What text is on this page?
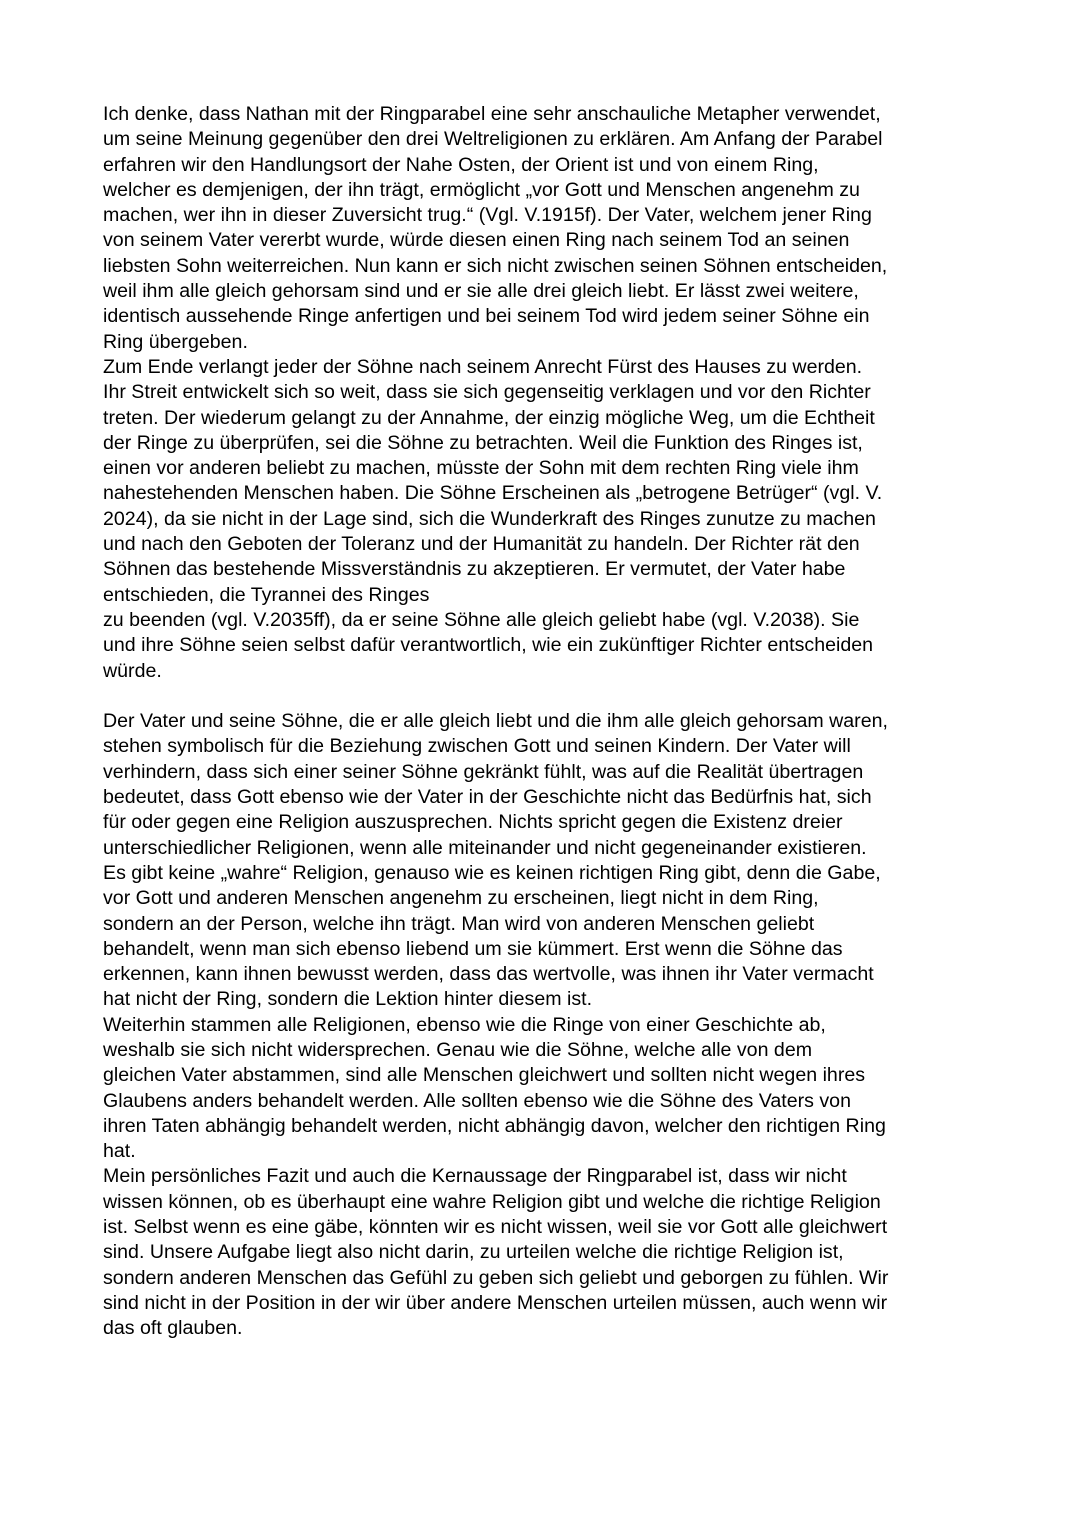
Ich denke, dass Nathan mit der Ringparabel eine sehr anschauliche Metapher verwendet,
um seine Meinung gegenüber den drei Weltreligionen zu erklären. Am Anfang der Parabel
erfahren wir den Handlungsort der Nahe Osten, der Orient ist und von einem Ring,
welcher es demjenigen, der ihn trägt, ermöglicht „vor Gott und Menschen angenehm zu
machen, wer ihn in dieser Zuversicht trug.“ (Vgl. V.1915f). Der Vater, welchem jener Ring
von seinem Vater vererbt wurde, würde diesen einen Ring nach seinem Tod an seinen
liebsten Sohn weiterreichen. Nun kann er sich nicht zwischen seinen Söhnen entscheiden,
weil ihm alle gleich gehorsam sind und er sie alle drei gleich liebt. Er lässt zwei weitere,
identisch aussehende Ringe anfertigen und bei seinem Tod wird jedem seiner Söhne ein
Ring übergeben.
Zum Ende verlangt jeder der Söhne nach seinem Anrecht Fürst des Hauses zu werden.
Ihr Streit entwickelt sich so weit, dass sie sich gegenseitig verklagen und vor den Richter
treten. Der wiederum gelangt zu der Annahme, der einzig mögliche Weg, um die Echtheit
der Ringe zu überprüfen, sei die Söhne zu betrachten. Weil die Funktion des Ringes ist,
einen vor anderen beliebt zu machen, müsste der Sohn mit dem rechten Ring viele ihm
nahestehenden Menschen haben. Die Söhne Erscheinen als „betrogene Betrüger“ (vgl. V.
2024), da sie nicht in der Lage sind, sich die Wunderkraft des Ringes zunutze zu machen
und nach den Geboten der Toleranz und der Humanität zu handeln. Der Richter rät den
Söhnen das bestehende Missverständnis zu akzeptieren. Er vermutet, der Vater habe
entschieden, die Tyrannei des Ringes
zu beenden (vgl. V.2035ff), da er seine Söhne alle gleich geliebt habe (vgl. V.2038). Sie
und ihre Söhne seien selbst dafür verantwortlich, wie ein zukünftiger Richter entscheiden
würde.
Der Vater und seine Söhne, die er alle gleich liebt und die ihm alle gleich gehorsam waren,
stehen symbolisch für die Beziehung zwischen Gott und seinen Kindern. Der Vater will
verhindern, dass sich einer seiner Söhne gekränkt fühlt, was auf die Realität übertragen
bedeutet, dass Gott ebenso wie der Vater in der Geschichte nicht das Bedürfnis hat, sich
für oder gegen eine Religion auszusprechen. Nichts spricht gegen die Existenz dreier
unterschiedlicher Religionen, wenn alle miteinander und nicht gegeneinander existieren.
Es gibt keine „wahre“ Religion, genauso wie es keinen richtigen Ring gibt, denn die Gabe,
vor Gott und anderen Menschen angenehm zu erscheinen, liegt nicht in dem Ring,
sondern an der Person, welche ihn trägt. Man wird von anderen Menschen geliebt
behandelt, wenn man sich ebenso liebend um sie kümmert. Erst wenn die Söhne das
erkennen, kann ihnen bewusst werden, dass das wertvolle, was ihnen ihr Vater vermacht
hat nicht der Ring, sondern die Lektion hinter diesem ist.
Weiterhin stammen alle Religionen, ebenso wie die Ringe von einer Geschichte ab,
weshalb sie sich nicht widersprechen. Genau wie die Söhne, welche alle von dem
gleichen Vater abstammen, sind alle Menschen gleichwert und sollten nicht wegen ihres
Glaubens anders behandelt werden. Alle sollten ebenso wie die Söhne des Vaters von
ihren Taten abhängig behandelt werden, nicht abhängig davon, welcher den richtigen Ring
hat.
Mein persönliches Fazit und auch die Kernaussage der Ringparabel ist, dass wir nicht
wissen können, ob es überhaupt eine wahre Religion gibt und welche die richtige Religion
ist. Selbst wenn es eine gäbe, könnten wir es nicht wissen, weil sie vor Gott alle gleichwert
sind. Unsere Aufgabe liegt also nicht darin, zu urteilen welche die richtige Religion ist,
sondern anderen Menschen das Gefühl zu geben sich geliebt und geborgen zu fühlen. Wir
sind nicht in der Position in der wir über andere Menschen urteilen müssen, auch wenn wir
das oft glauben.
